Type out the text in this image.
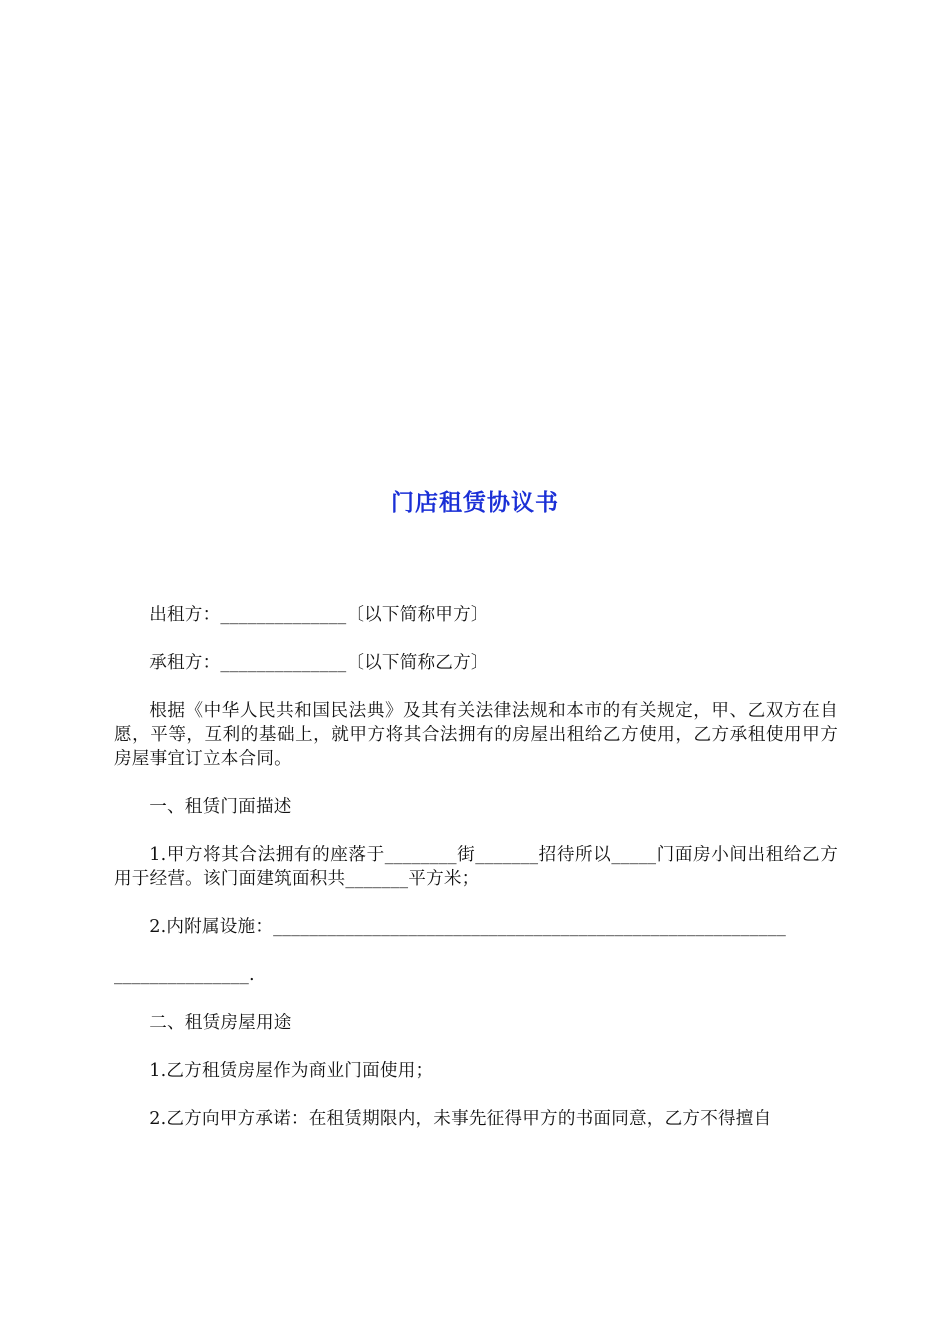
门店租赁协议书

出租方：______________〔以下简称甲方〕

承租方：______________〔以下简称乙方〕

根据《中华人民共和国民法典》及其有关法律法规和本市的有关规定，甲、乙双方在自愿，平等，互利的基础上，就甲方将其合法拥有的房屋出租给乙方使用，乙方承租使用甲方房屋事宜订立本合同。

一、租赁门面描述

1.甲方将其合法拥有的座落于________街_______招待所以_____门面房小间出租给乙方用于经营。该门面建筑面积共_______平方米；

2.内附属设施：_________________________________________________________

_______________.

二、租赁房屋用途

1.乙方租赁房屋作为商业门面使用；

2.乙方向甲方承诺：在租赁期限内，未事先征得甲方的书面同意，乙方不得擅自
